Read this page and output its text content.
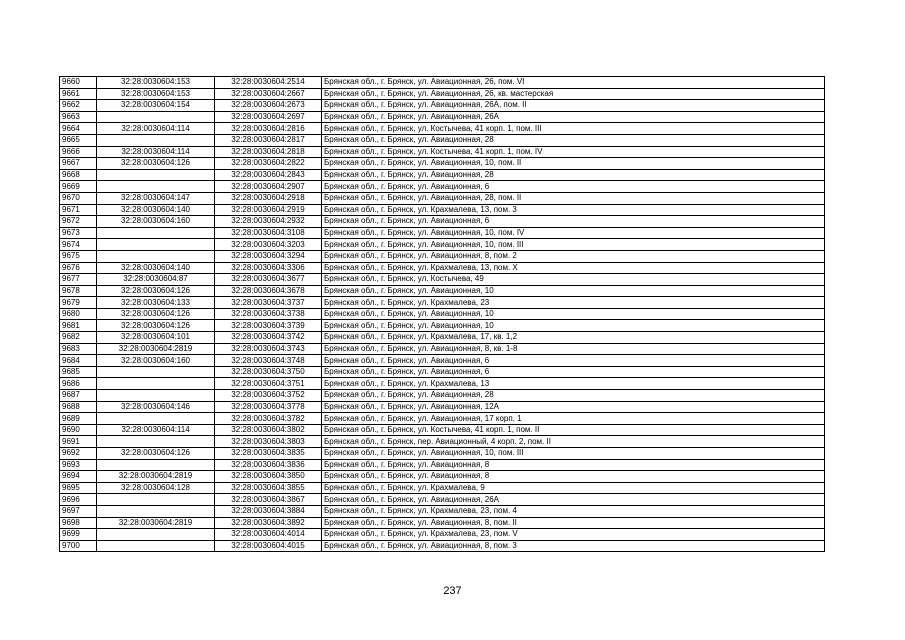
9660	32:28:0030604:153	32:28:0030604:2514	Брянская обл., г. Брянск, ул. Авиационная, 26, пом. VI
9661	32:28:0030604:153	32:28:0030604:2667	Брянская обл., г. Брянск, ул. Авиационная, 26, кв. мастерская
9662	32:28:0030604:154	32:28:0030604:2673	Брянская обл., г. Брянск, ул. Авиационная, 26А, пом. II
9663		32:28:0030604:2697	Брянская обл., г. Брянск, ул. Авиационная, 26А
9664	32:28:0030604:114	32:28:0030604:2816	Брянская обл., г. Брянск, ул. Костычева, 41 корп. 1, пом. III
9665		32:28:0030604:2817	Брянская обл., г. Брянск, ул. Авиационная, 28
9666	32:28:0030604:114	32:28:0030604:2818	Брянская обл., г. Брянск, ул. Костычева, 41 корп. 1, пом. IV
9667	32:28:0030604:126	32:28:0030604:2822	Брянская обл., г. Брянск, ул. Авиационная, 10, пом. II
9668		32:28:0030604:2843	Брянская обл., г. Брянск, ул. Авиационная, 28
9669		32:28:0030604:2907	Брянская обл., г. Брянск, ул. Авиационная, 6
9670	32:28:0030604:147	32:28:0030604:2918	Брянская обл., г. Брянск, ул. Авиационная, 28, пом. II
9671	32:28:0030604:140	32:28:0030604:2919	Брянская обл., г. Брянск, ул. Крахмалева, 13, пом. 3
9672	32:28:0030604:160	32:28:0030604:2932	Брянская обл., г. Брянск, ул. Авиационная, 6
9673		32:28:0030604:3108	Брянская обл., г. Брянск, ул. Авиационная, 10, пом. IV
9674		32:28:0030604:3203	Брянская обл., г. Брянск, ул. Авиационная, 10, пом. III
9675		32:28:0030604:3294	Брянская обл., г. Брянск, ул. Авиационная, 8, пом. 2
9676	32:28:0030604:140	32:28:0030604:3306	Брянская обл., г. Брянск, ул. Крахмалева, 13, пом. X
9677	32:28:0030604:87	32:28:0030604:3677	Брянская обл., г. Брянск, ул. Костычева, 49
9678	32:28:0030604:126	32:28:0030604:3678	Брянская обл., г. Брянск, ул. Авиационная, 10
9679	32:28:0030604:133	32:28:0030604:3737	Брянская обл., г. Брянск, ул. Крахмалева, 23
9680	32:28:0030604:126	32:28:0030604:3738	Брянская обл., г. Брянск, ул. Авиационная, 10
9681	32:28:0030604:126	32:28:0030604:3739	Брянская обл., г. Брянск, ул. Авиационная, 10
9682	32:28:0030604:101	32:28:0030604:3742	Брянская обл., г. Брянск, ул. Крахмалева, 17, кв. 1,2
9683	32:28:0030604:2819	32:28:0030604:3743	Брянская обл., г. Брянск, ул. Авиационная, 8, кв. 1-8
9684	32:28:0030604:160	32:28:0030604:3748	Брянская обл., г. Брянск, ул. Авиационная, 6
9685		32:28:0030604:3750	Брянская обл., г. Брянск, ул. Авиационная, 6
9686		32:28:0030604:3751	Брянская обл., г. Брянск, ул. Крахмалева, 13
9687		32:28:0030604:3752	Брянская обл., г. Брянск, ул. Авиационная, 28
9688	32:28:0030604:146	32:28:0030604:3778	Брянская обл., г. Брянск, ул. Авиационная, 12А
9689		32:28:0030604:3782	Брянская обл., г. Брянск, ул. Авиационная, 17 корп. 1
9690	32:28:0030604:114	32:28:0030604:3802	Брянская обл., г. Брянск, ул. Костычева, 41 корп. 1, пом. II
9691		32:28:0030604:3803	Брянская обл., г. Брянск, пер. Авиационный, 4 корп. 2, пом. II
9692	32:28:0030604:126	32:28:0030604:3835	Брянская обл., г. Брянск, ул. Авиационная, 10, пом. III
9693		32:28:0030604:3836	Брянская обл., г. Брянск, ул. Авиационная, 8
9694	32:28:0030604:2819	32:28:0030604:3850	Брянская обл., г. Брянск, ул. Авиационная, 8
9695	32:28:0030604:128	32:28:0030604:3855	Брянская обл., г. Брянск, ул. Крахмалева, 9
9696		32:28:0030604:3867	Брянская обл., г. Брянск, ул. Авиационная, 26А
9697		32:28:0030604:3884	Брянская обл., г. Брянск, ул. Крахмалева, 23, пом. 4
9698	32:28:0030604:2819	32:28:0030604:3892	Брянская обл., г. Брянск, ул. Авиационная, 8, пом. II
9699		32:28:0030604:4014	Брянская обл., г. Брянск, ул. Крахмалева, 23, пом. V
9700		32:28:0030604:4015	Брянская обл., г. Брянск, ул. Авиационная, 8, пом. 3
237
